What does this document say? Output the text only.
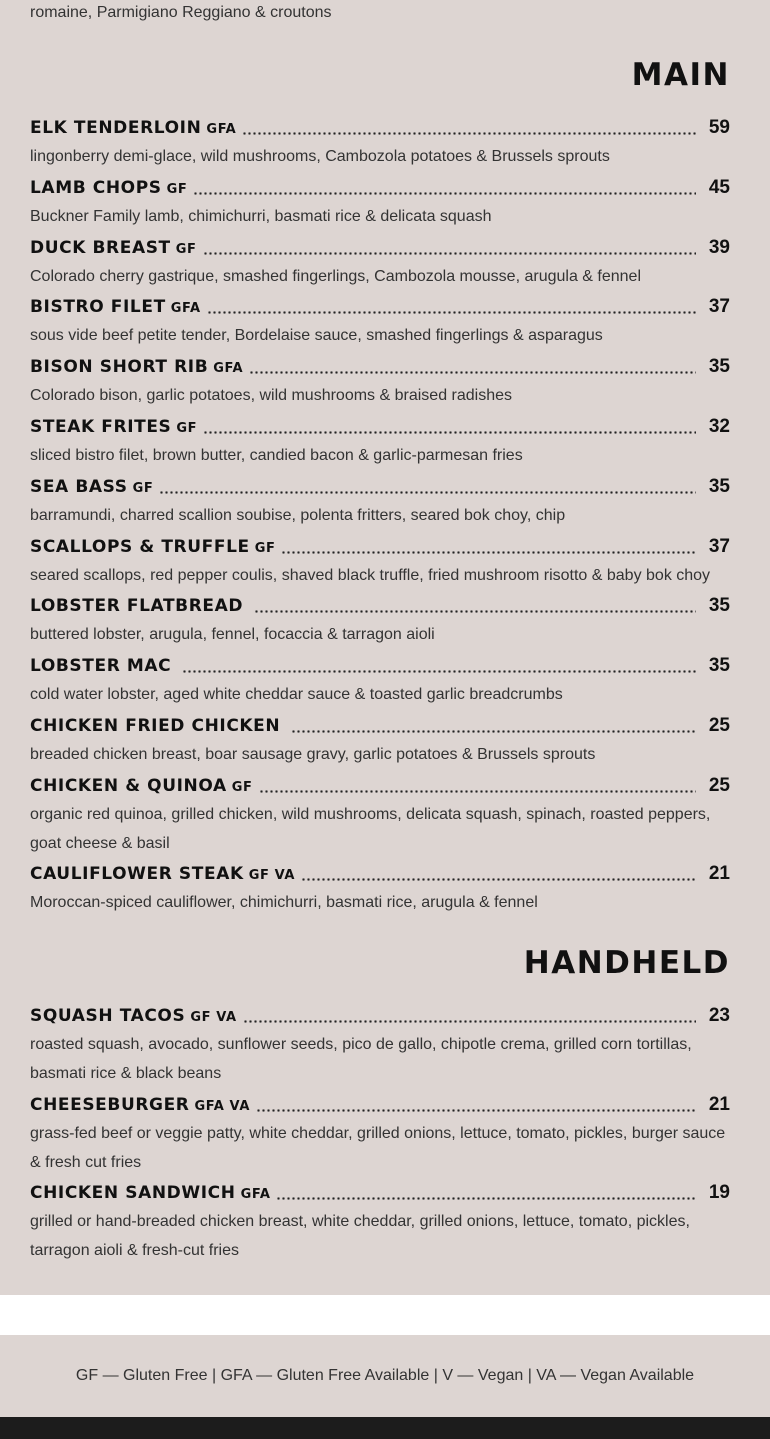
romaine, Parmigiano Reggiano & croutons
MAIN
ELK TENDERLOIN GFA	59
lingonberry demi-glace, wild mushrooms, Cambozola potatoes & Brussels sprouts
LAMB CHOPS GF	45
Buckner Family lamb, chimichurri, basmati rice & delicata squash
DUCK BREAST GF	39
Colorado cherry gastrique, smashed fingerlings, Cambozola mousse, arugula & fennel
BISTRO FILET GFA	37
sous vide beef petite tender, Bordelaise sauce, smashed fingerlings & asparagus
BISON SHORT RIB GFA	35
Colorado bison, garlic potatoes, wild mushrooms & braised radishes
STEAK FRITES GF	32
sliced bistro filet, brown butter, candied bacon & garlic-parmesan fries
SEA BASS GF	35
barramundi, charred scallion soubise, polenta fritters, seared bok choy, chip
SCALLOPS & TRUFFLE GF	37
seared scallops, red pepper coulis, shaved black truffle, fried mushroom risotto & baby bok choy
LOBSTER FLATBREAD	35
buttered lobster, arugula, fennel, focaccia & tarragon aioli
LOBSTER MAC	35
cold water lobster, aged white cheddar sauce & toasted garlic breadcrumbs
CHICKEN FRIED CHICKEN	25
breaded chicken breast, boar sausage gravy, garlic potatoes & Brussels sprouts
CHICKEN & QUINOA GF	25
organic red quinoa, grilled chicken, wild mushrooms, delicata squash, spinach, roasted peppers, goat cheese & basil
CAULIFLOWER STEAK GF VA	21
Moroccan-spiced cauliflower, chimichurri, basmati rice, arugula & fennel
HANDHELD
SQUASH TACOS GF VA	23
roasted squash, avocado, sunflower seeds, pico de gallo, chipotle crema, grilled corn tortillas, basmati rice & black beans
CHEESEBURGER GFA VA	21
grass-fed beef or veggie patty, white cheddar, grilled onions, lettuce, tomato, pickles, burger sauce & fresh cut fries
CHICKEN SANDWICH GFA	19
grilled or hand-breaded chicken breast, white cheddar, grilled onions, lettuce, tomato, pickles, tarragon aioli & fresh-cut fries
GF — Gluten Free | GFA — Gluten Free Available | V — Vegan | VA — Vegan Available
